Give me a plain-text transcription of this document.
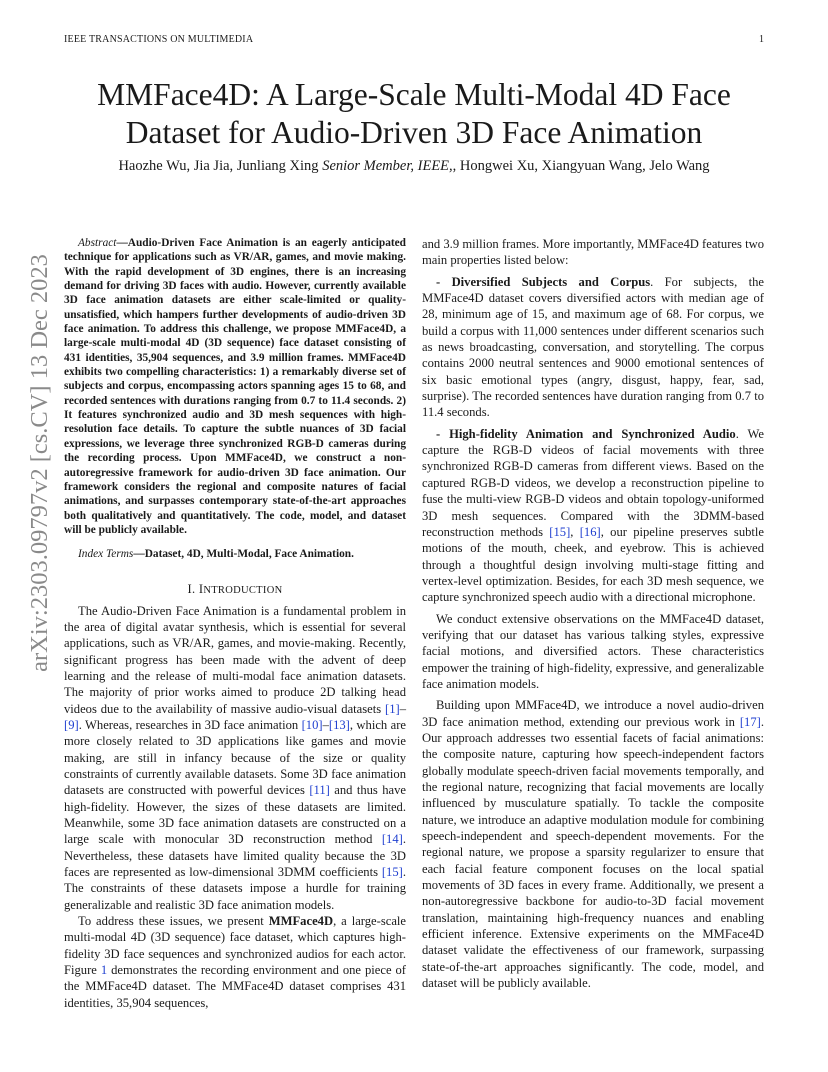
IEEE TRANSACTIONS ON MULTIMEDIA	1
MMFace4D: A Large-Scale Multi-Modal 4D Face
Dataset for Audio-Driven 3D Face Animation
Haozhe Wu, Jia Jia, Junliang Xing Senior Member, IEEE,, Hongwei Xu, Xiangyuan Wang, Jelo Wang
arXiv:2303.09797v2 [cs.CV] 13 Dec 2023

Abstract—Audio-Driven Face Animation is an eagerly anticipated technique for applications such as VR/AR, games, and movie making. With the rapid development of 3D engines, there is an increasing demand for driving 3D faces with audio. However, currently available 3D face animation datasets are either scale-limited or quality-unsatisfied, which hampers further developments of audio-driven 3D face animation. To address this challenge, we propose MMFace4D, a large-scale multi-modal 4D (3D sequence) face dataset consisting of 431 identities, 35,904 sequences, and 3.9 million frames. MMFace4D exhibits two compelling characteristics: 1) a remarkably diverse set of subjects and corpus, encompassing actors spanning ages 15 to 68, and recorded sentences with durations ranging from 0.7 to 11.4 seconds. 2) It features synchronized audio and 3D mesh sequences with high-resolution face details. To capture the subtle nuances of 3D facial expressions, we leverage three synchronized RGB-D cameras during the recording process. Upon MMFace4D, we construct a non-autoregressive framework for audio-driven 3D face animation. Our framework considers the regional and composite natures of facial animations, and surpasses contemporary state-of-the-art approaches both qualitatively and quantitatively. The code, model, and dataset will be publicly available.

Index Terms—Dataset, 4D, Multi-Modal, Face Animation.

I. INTRODUCTION

The Audio-Driven Face Animation is a fundamental problem in the area of digital avatar synthesis, which is essential for several applications, such as VR/AR, games, and movie-making. Recently, significant progress has been made with the advent of deep learning and the release of multi-modal face animation datasets. The majority of prior works aimed to produce 2D talking head videos due to the availability of massive audio-visual datasets [1]–[9]. Whereas, researches in 3D face animation [10]–[13], which are more closely related to 3D applications like games and movie making, are still in infancy because of the size or quality constraints of currently available datasets. Some 3D face animation datasets are constructed with powerful devices [11] and thus have high-fidelity. However, the sizes of these datasets are limited. Meanwhile, some 3D face animation datasets are constructed on a large scale with monocular 3D reconstruction method [14]. Nevertheless, these datasets have limited quality because the 3D faces are represented as low-dimensional 3DMM coefficients [15]. The constraints of these datasets impose a hurdle for training generalizable and realistic 3D face animation models.

To address these issues, we present MMFace4D, a large-scale multi-modal 4D (3D sequence) face dataset, which captures high-fidelity 3D face sequences and synchronized audios for each actor. Figure 1 demonstrates the recording environment and one piece of the MMFace4D dataset. The MMFace4D dataset comprises 431 identities, 35,904 sequences,

and 3.9 million frames. More importantly, MMFace4D features two main properties listed below:

- Diversified Subjects and Corpus. For subjects, the MMFace4D dataset covers diversified actors with median age of 28, minimum age of 15, and maximum age of 68. For corpus, we build a corpus with 11,000 sentences under different scenarios such as news broadcasting, conversation, and storytelling. The corpus contains 2000 neutral sentences and 9000 emotional sentences of six basic emotional types (angry, disgust, happy, fear, sad, surprise). The recorded sentences have duration ranging from 0.7 to 11.4 seconds.

- High-fidelity Animation and Synchronized Audio. We capture the RGB-D videos of facial movements with three synchronized RGB-D cameras from different views. Based on the captured RGB-D videos, we develop a reconstruction pipeline to fuse the multi-view RGB-D videos and obtain topology-uniformed 3D mesh sequences. Compared with the 3DMM-based reconstruction methods [15], [16], our pipeline preserves subtle motions of the mouth, cheek, and eyebrow. This is achieved through a thoughtful design involving multi-stage fitting and vertex-level optimization. Besides, for each 3D mesh sequence, we capture synchronized speech audio with a directional microphone.

We conduct extensive observations on the MMFace4D dataset, verifying that our dataset has various talking styles, expressive facial motions, and diversified actors. These characteristics empower the training of high-fidelity, expressive, and generalizable face animation models.

Building upon MMFace4D, we introduce a novel audio-driven 3D face animation method, extending our previous work in [17]. Our approach addresses two essential facets of facial animations: the composite nature, capturing how speech-independent factors globally modulate speech-driven facial movements temporally, and the regional nature, recognizing that facial movements are locally influenced by musculature spatially. To tackle the composite nature, we introduce an adaptive modulation module for combining speech-independent and speech-dependent movements. For the regional nature, we propose a sparsity regularizer to ensure that each facial feature component focuses on the local spatial movements of 3D faces in every frame. Additionally, we present a non-autoregressive backbone for audio-to-3D facial movement translation, maintaining high-frequency nuances and enabling efficient inference. Extensive experiments on the MMFace4D dataset validate the effectiveness of our framework, surpassing state-of-the-art approaches significantly. The code, model, and dataset will be publicly available.
